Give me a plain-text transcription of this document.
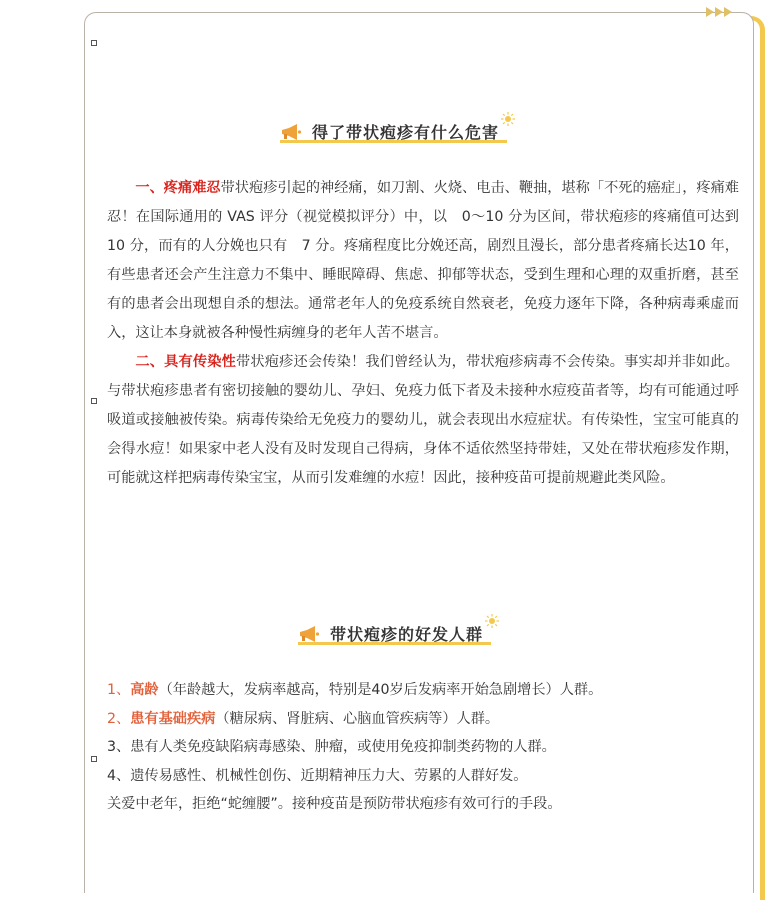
得了带状疱疹有什么危害

一、疼痛难忍带状疱疹引起的神经痛，如刀割、火烧、电击、鞭抽，堪称「不死的癌症」，疼痛难忍！在国际通用的 VAS 评分（视觉模拟评分）中，以　0～10 分为区间，带状疱疹的疼痛值可达到　10 分，而有的人分娩也只有　7 分。疼痛程度比分娩还高，剧烈且漫长，部分患者疼痛长达10 年，有些患者还会产生注意力不集中、睡眠障碍、焦虑、抑郁等状态，受到生理和心理的双重折磨，甚至有的患者会出现想自杀的想法。通常老年人的免疫系统自然衰老，免疫力逐年下降，各种病毒乘虚而入，这让本身就被各种慢性病缠身的老年人苦不堪言。

二、具有传染性带状疱疹还会传染！我们曾经认为，带状疱疹病毒不会传染。事实却并非如此。与带状疱疹患者有密切接触的婴幼儿、孕妇、免疫力低下者及未接种水痘疫苗者等，均有可能通过呼吸道或接触被传染。病毒传染给无免疫力的婴幼儿，就会表现出水痘症状。有传染性，宝宝可能真的会得水痘！如果家中老人没有及时发现自己得病，身体不适依然坚持带娃，又处在带状疱疹发作期，可能就这样把病毒传染宝宝，从而引发难缠的水痘！因此，接种疫苗可提前规避此类风险。

带状疱疹的好发人群
1、高龄（年龄越大，发病率越高，特别是40岁后发病率开始急剧增长）人群。
2、患有基础疾病（糖尿病、肾脏病、心脑血管疾病等）人群。
3、患有人类免疫缺陷病毒感染、肿瘤，或使用免疫抑制类药物的人群。
4、遗传易感性、机械性创伤、近期精神压力大、劳累的人群好发。
关爱中老年，拒绝“蛇缠腰”。接种疫苗是预防带状疱疹有效可行的手段。
